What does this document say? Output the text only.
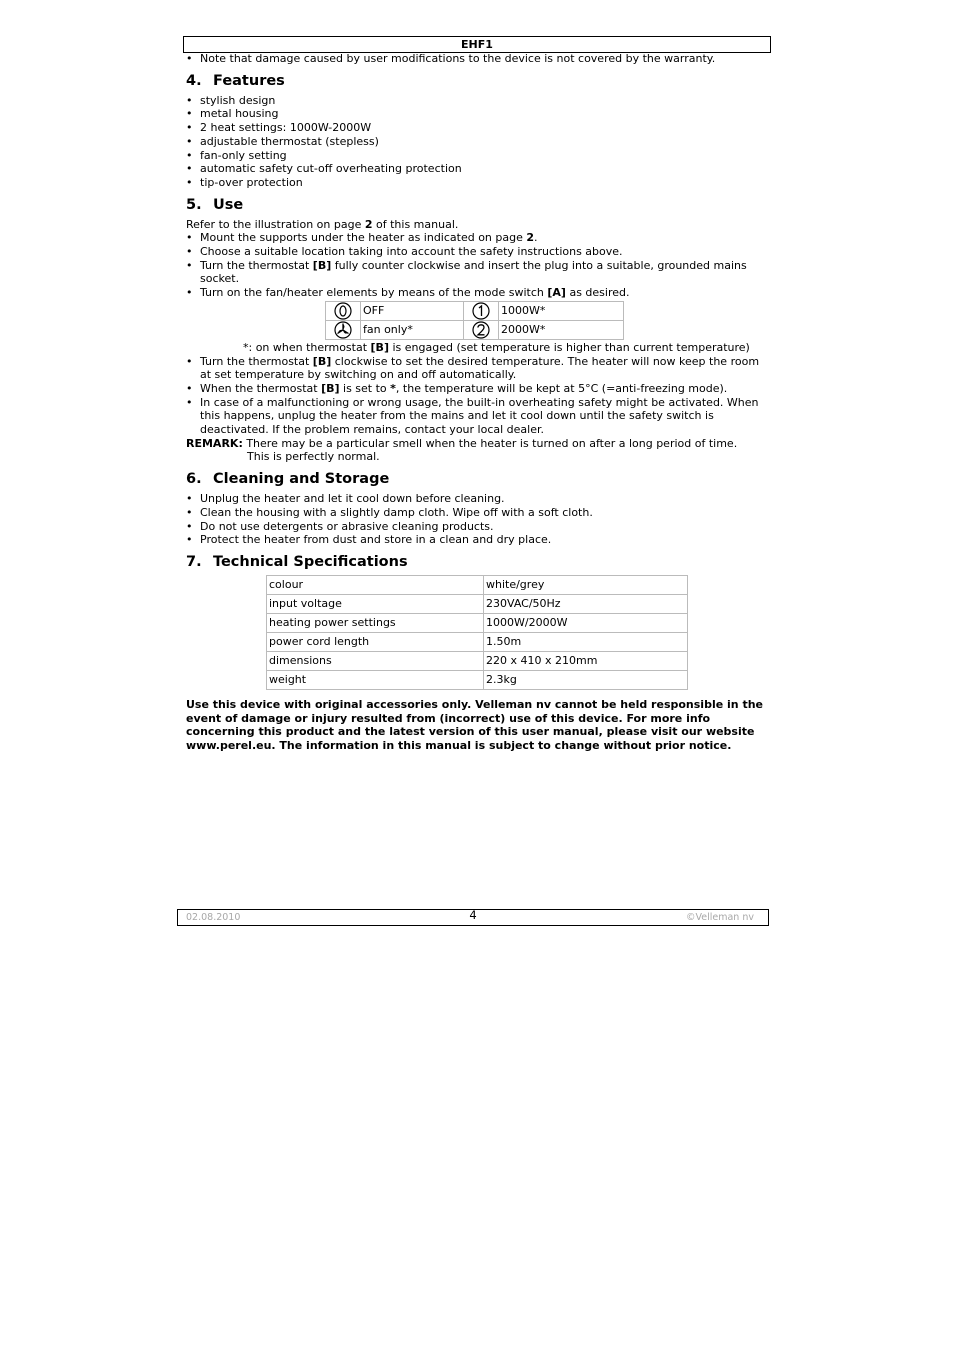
EHF1
• Note that damage caused by user modifications to the device is not covered by the warranty.
4. Features
• stylish design
• metal housing
• 2 heat settings: 1000W-2000W
• adjustable thermostat (stepless)
• fan-only setting
• automatic safety cut-off overheating protection
• tip-over protection
5. Use

Refer to the illustration on page 2 of this manual.

• Mount the supports under the heater as indicated on page 2.
• Choose a suitable location taking into account the safety instructions above.
• Turn the thermostat [B] fully counter clockwise and insert the plug into a suitable, grounded mains socket.
• Turn on the fan/heater elements by means of the mode switch [A] as desired.
	OFF		1000W*

	fan only*		2000W*

*: on when thermostat [B] is engaged (set temperature is higher than current temperature)

• Turn the thermostat [B] clockwise to set the desired temperature. The heater will now keep the room at set temperature by switching on and off automatically.
• When the thermostat [B] is set to *, the temperature will be kept at 5°C (=anti-freezing mode).
• In case of a malfunctioning or wrong usage, the built-in overheating safety might be activated. When this happens, unplug the heater from the mains and let it cool down until the safety switch is deactivated. If the problem remains, contact your local dealer.

REMARK: There may be a particular smell when the heater is turned on after a long period of time.

This is perfectly normal.

6. Cleaning and Storage
• Unplug the heater and let it cool down before cleaning.
• Clean the housing with a slightly damp cloth. Wipe off with a soft cloth.
• Do not use detergents or abrasive cleaning products.
• Protect the heater from dust and store in a clean and dry place.
7. Technical Specifications
colour	white/grey
input voltage	230VAC/50Hz
heating power settings	1000W/2000W
power cord length	1.50m
dimensions	220 x 410 x 210mm
weight	2.3kg

Use this device with original accessories only. Velleman nv cannot be held responsible in the event of damage or injury resulted from (incorrect) use of this device. For more info concerning this product and the latest version of this user manual, please visit our website www.perel.eu. The information in this manual is subject to change without prior notice.

02.08.2010	4	©Velleman nv
